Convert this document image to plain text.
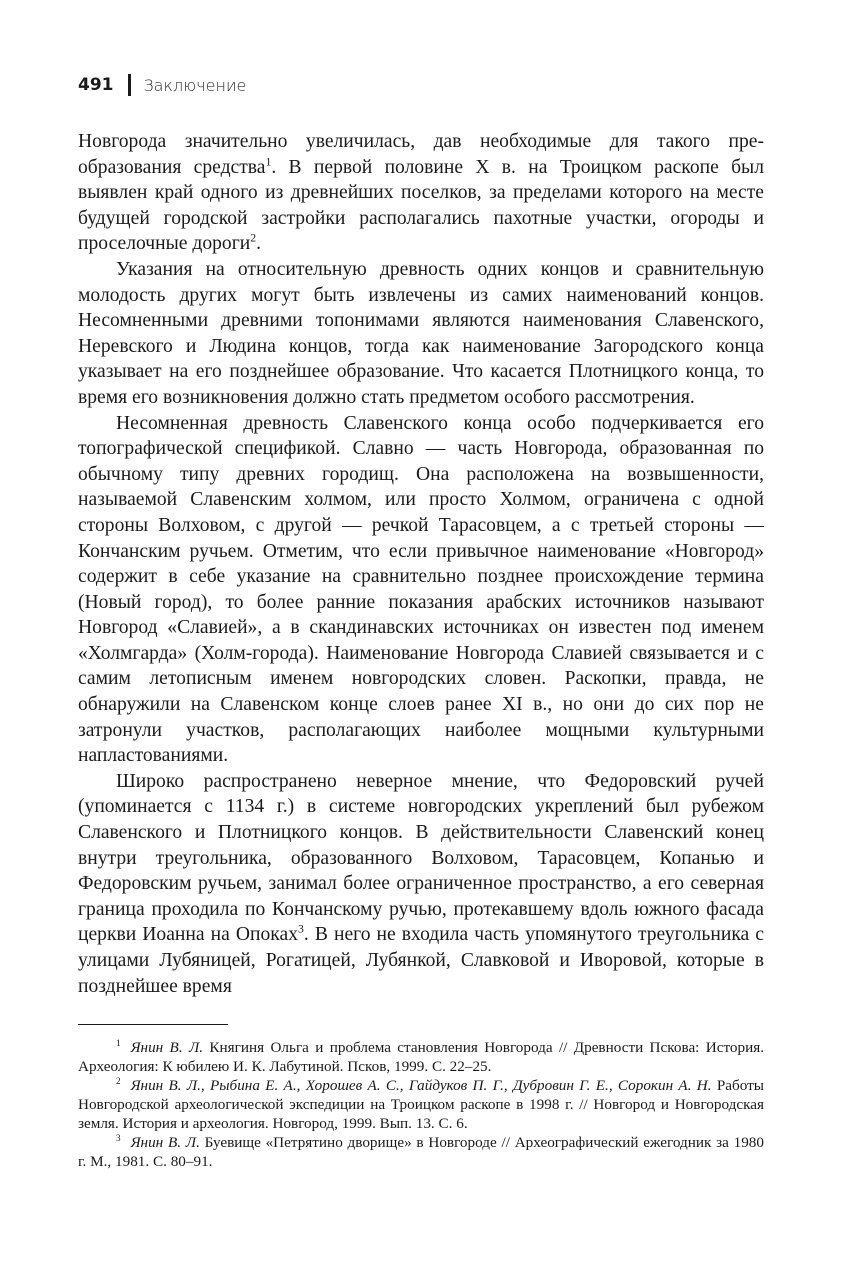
491 Заключение

Новгорода значительно увеличилась, дав необходимые для такого преобразования средства$^1$. В первой половине X в. на Троицком раскопе был выявлен край одного из древнейших поселков, за пределами которого на месте будущей городской застройки располагались пахотные участки, огороды и проселочные дороги$^2$.

Указания на относительную древность одних концов и сравнительную молодость других могут быть извлечены из самих наименований концов. Несомненными древними топонимами являются наименования Славенского, Неревского и Людина концов, тогда как наименование Загородского конца указывает на его позднейшее образование. Что касается Плотницкого конца, то время его возникновения должно стать предметом особого рассмотрения.

Несомненная древность Славенского конца особо подчеркивается его топографической спецификой. Славно — часть Новгорода, образованная по обычному типу древних городищ. Она расположена на возвышенности, называемой Славенским холмом, или просто Холмом, ограничена с одной стороны Волховом, с другой — речкой Тарасовцем, а с третьей стороны — Кончанским ручьем. Отметим, что если привычное наименование «Новгород» содержит в себе указание на сравнительно позднее происхождение термина (Новый город), то более ранние показания арабских источников называют Новгород «Славией», а в скандинавских источниках он известен под именем «Холмгарда» (Холм-города). Наименование Новгорода Славией связывается и с самим летописным именем новгородских словен. Раскопки, правда, не обнаружили на Славенском конце слоев ранее XI в., но они до сих пор не затронули участков, располагающих наиболее мощными культурными напластованиями.

Широко распространено неверное мнение, что Федоровский ручей (упоминается с 1134 г.) в системе новгородских укреплений был рубежом Славенского и Плотницкого концов. В действительности Славенский конец внутри треугольника, образованного Волховом, Тарасовцем, Копанью и Федоровским ручьем, занимал более ограниченное пространство, а его северная граница проходила по Кончанскому ручью, протекавшему вдоль южного фасада церкви Иоанна на Опоках$^3$. В него не входила часть упомянутого треугольника с улицами Лубяницей, Рогатицей, Лубянкой, Славковой и Иворовой, которые в позднейшее время

$^1$ Янин В. Л. Княгиня Ольга и проблема становления Новгорода // Древности Пскова: История. Археология: К юбилею И. К. Лабутиной. Псков, 1999. С. 22–25.

$^2$ Янин В. Л., Рыбина Е. А., Хорошев А. С., Гайдуков П. Г., Дубровин Г. Е., Сорокин А. Н. Работы Новгородской археологической экспедиции на Троицком раскопе в 1998 г. // Новгород и Новгородская земля. История и археология. Новгород, 1999. Вып. 13. С. 6.

$^3$ Янин В. Л. Буевище «Петрятино дворище» в Новгороде // Археографический ежегодник за 1980 г. М., 1981. С. 80–91.
